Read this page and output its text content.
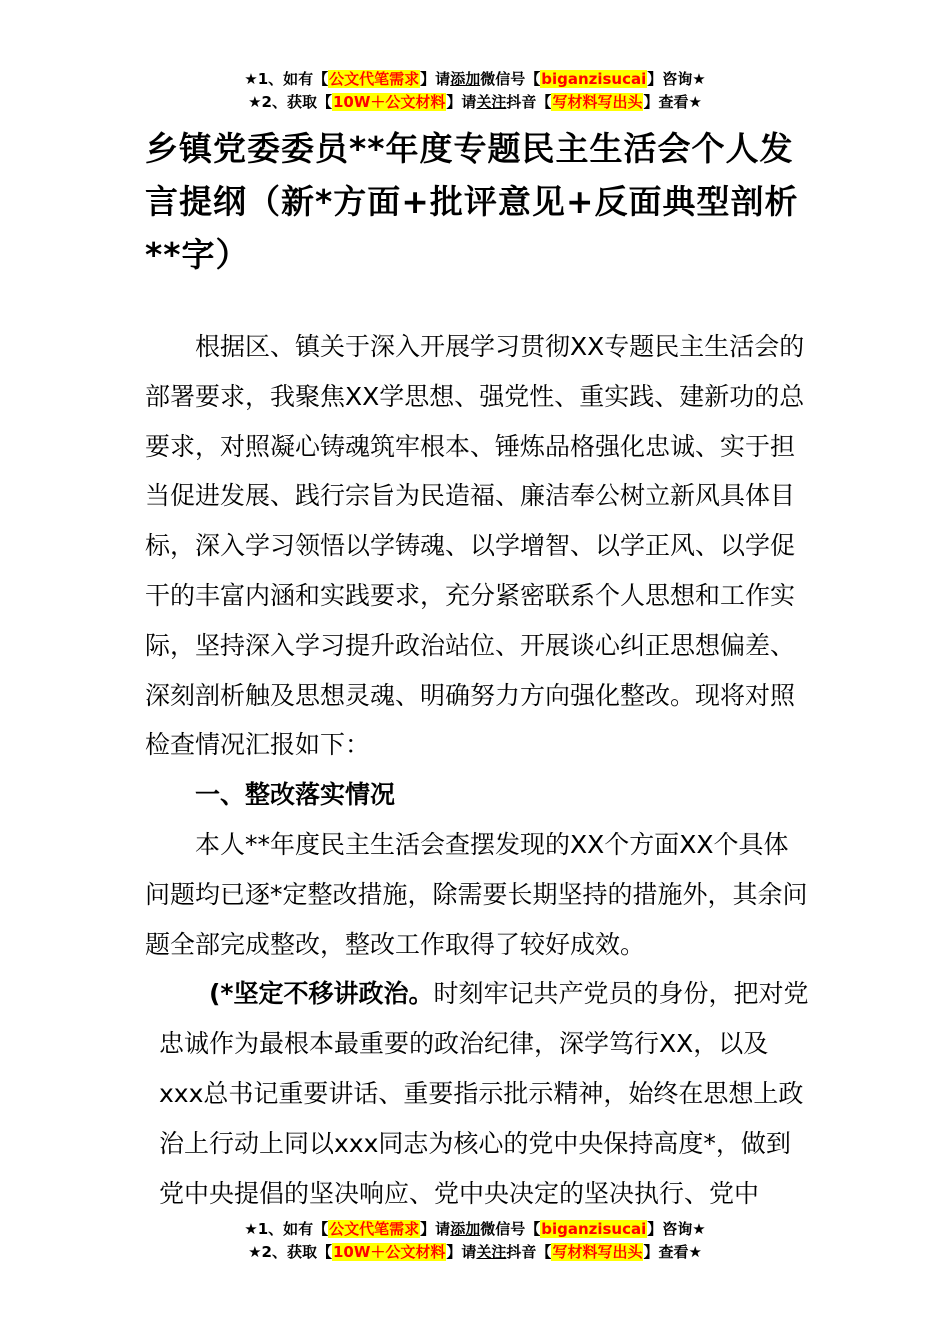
★1、如有【公文代笔需求】请添加微信号【biganzisucai】咨询★
★2、获取【10W＋公文材料】请关注抖音【写材料写出头】查看★
乡镇党委委员**年度专题民主生活会个人发言提纲（新*方面+批评意见+反面典型剖析 **字）

根据区、镇关于深入开展学习贯彻XX专题民主生活会的部署要求，我聚焦XX学思想、强党性、重实践、建新功的总要求，对照凝心铸魂筑牢根本、锤炼品格强化忠诚、实于担当促进发展、践行宗旨为民造福、廉洁奉公树立新风具体目标，深入学习领悟以学铸魂、以学增智、以学正风、以学促干的丰富内涵和实践要求，充分紧密联系个人思想和工作实际，坚持深入学习提升政治站位、开展谈心纠正思想偏差、深刻剖析触及思想灵魂、明确努力方向强化整改。现将对照检查情况汇报如下：

一、整改落实情况

本人**年度民主生活会查摆发现的XX个方面XX个具体问题均已逐*定整改措施，除需要长期坚持的措施外，其余问题全部完成整改，整改工作取得了较好成效。

(*坚定不移讲政治。时刻牢记共产党员的身份，把对党忠诚作为最根本最重要的政治纪律，深学笃行XX，以及xxx总书记重要讲话、重要指示批示精神，始终在思想上政治上行动上同以xxx同志为核心的党中央保持高度*，做到党中央提倡的坚决响应、党中央决定的坚决执行、党中

★1、如有【公文代笔需求】请添加微信号【biganzisucai】咨询★
★2、获取【10W＋公文材料】请关注抖音【写材料写出头】查看★
